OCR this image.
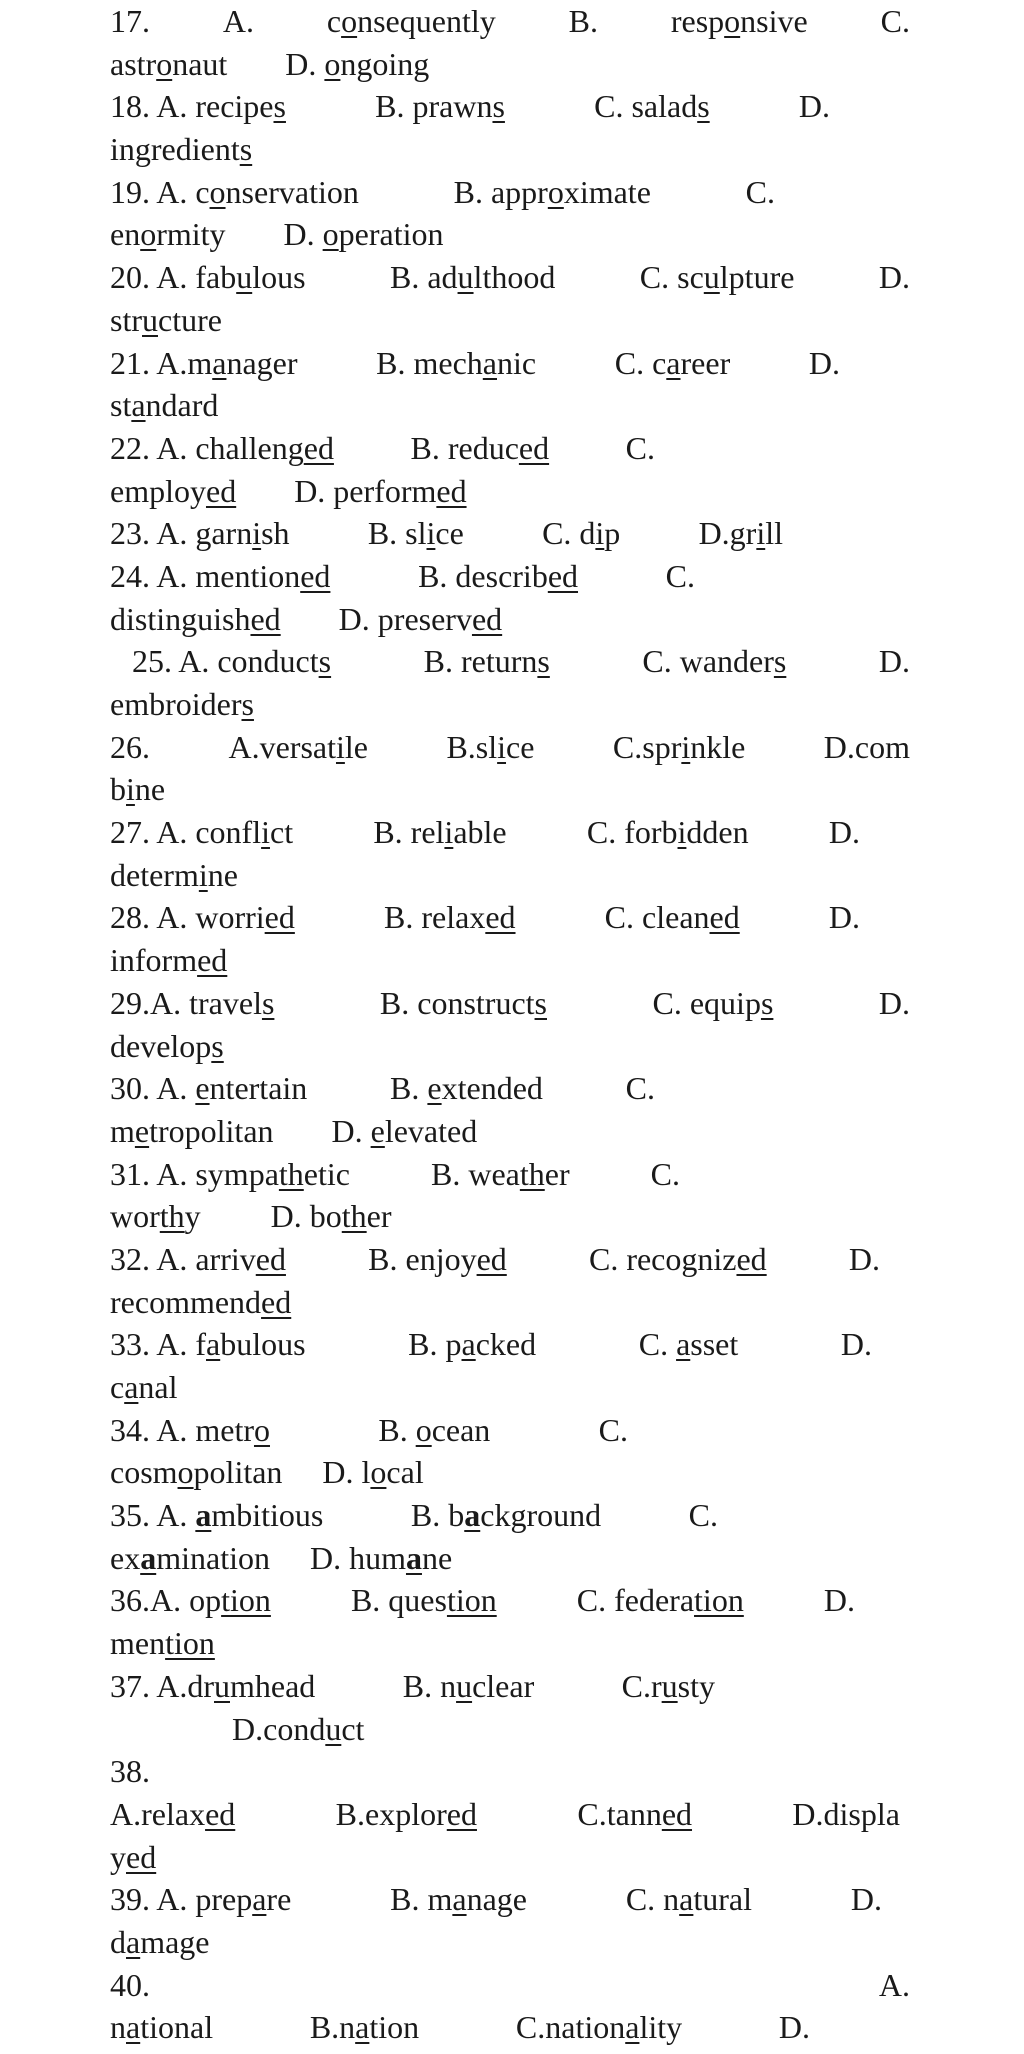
17. A. consequently B. responsive C.
astronaut D. ongoing
18. A. recipes	B. prawns	C. salads	D.
ingredients
19. A. conservation	B. approximate	C.
enormity D. operation
20. A. fabulous	B. adulthood	C. sculpture	D.
structure
21. A.manager B. mechanic C. career D.
standard
22. A. challenged B. reduced C.
employed D. performed
23. A. garnish B. slice C. dip D.grill
24. A. mentioned	B. described	C.
distinguished D. preserved
25. A. conducts	B. returns	C. wanders	D.
embroiders
26. A.versatile B.slice C.sprinkle D.com
bine
27. A. conflict	B. reliable	C. forbidden	D.
determine
28. A. worried	B. relaxed	C. cleaned	D.
informed
29.A. travels	B. constructs	C. equips	D.
develops
30. A. entertain	B. extended	C.
metropolitan D. elevated
31. A. sympathetic	B. weather	C.
worthy D. bother
32. A. arrived	B. enjoyed	C. recognized	D.
recommended
33. A. fabulous	B. packed	C. asset	D.
canal
34. A. metro	B. ocean	C.
cosmopolitan D. local
35. A. ambitious	B. background	C.
examination D. humane
36.A. option	B. question	C. federation	D.
mention
37. A.drumhead	B. nuclear	C.rusty
D.conduct
38.
A.relaxed	B.explored	C.tanned	D.displa
yed
39. A. prepare	B. manage	C. natural	D.
damage
40.	A.
national	B.nation	C.nationality	D.
